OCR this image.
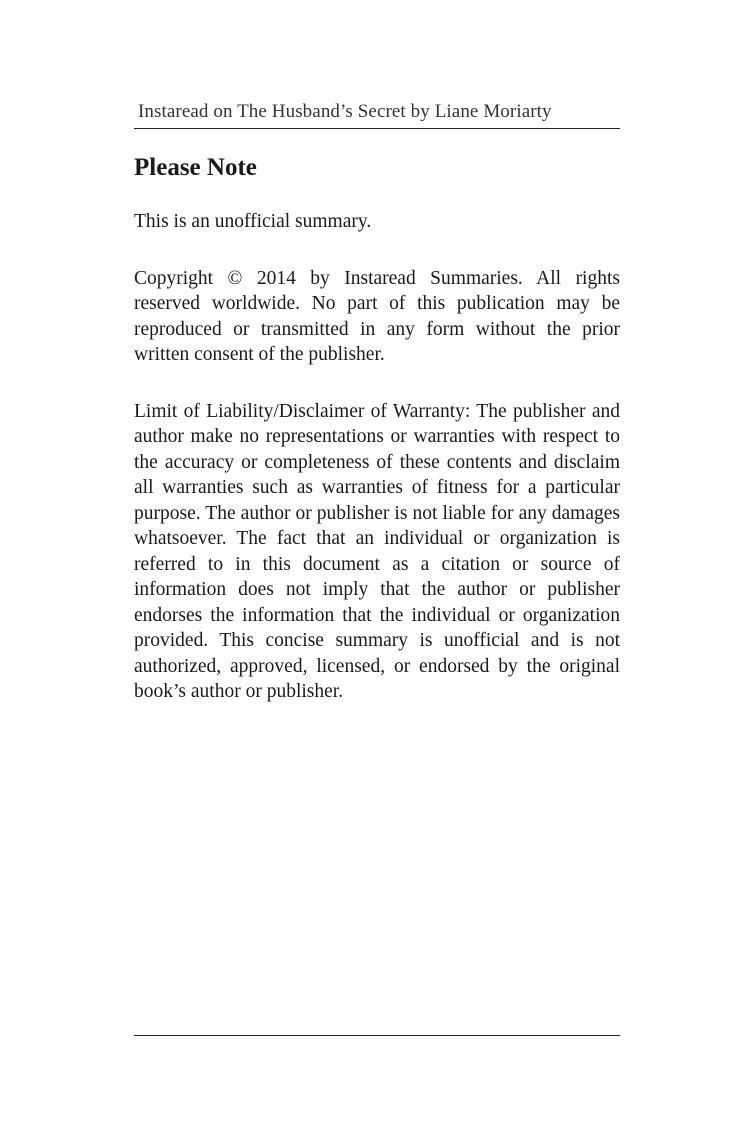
Instaread on The Husband’s Secret by Liane Moriarty
Please Note

This is an unofficial summary.

Copyright © 2014 by Instaread Summaries. All rights reserved worldwide. No part of this publication may be reproduced or transmitted in any form without the prior written consent of the publisher.

Limit of Liability/Disclaimer of Warranty: The publisher and author make no representations or warranties with respect to the accuracy or completeness of these contents and disclaim all warranties such as warranties of fitness for a particular purpose. The author or publisher is not liable for any damages whatsoever. The fact that an individual or organization is referred to in this document as a citation or source of information does not imply that the author or publisher endorses the information that the individual or organization provided. This concise summary is unofficial and is not authorized, approved, licensed, or endorsed by the original book’s author or publisher.
